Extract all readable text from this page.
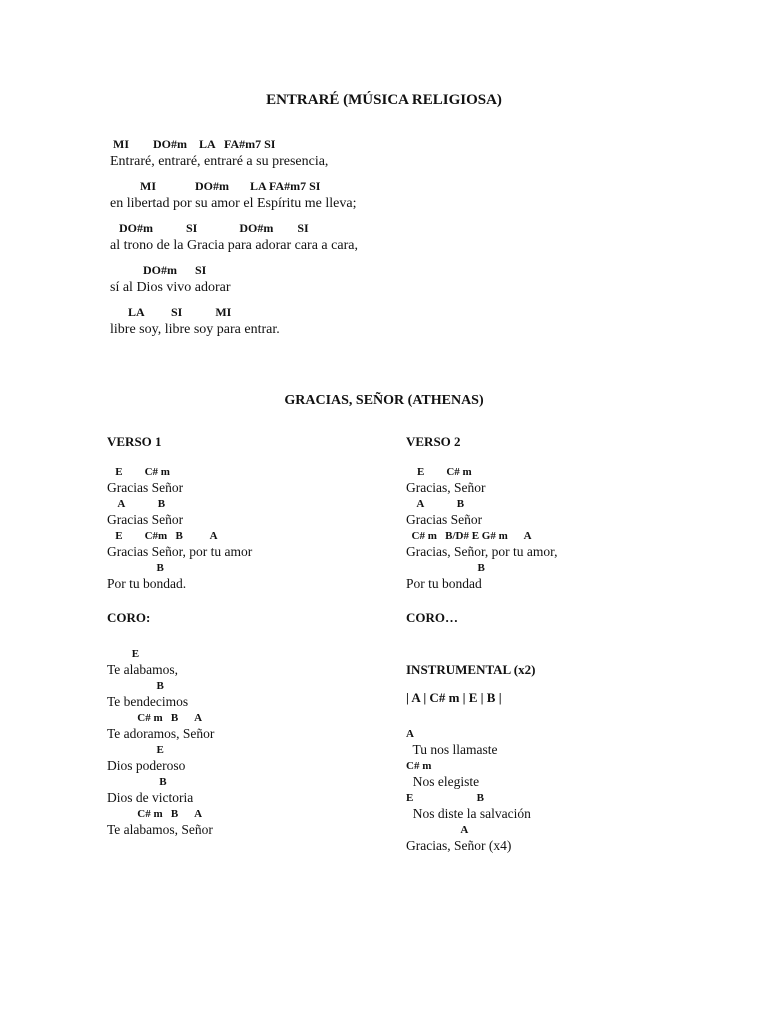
ENTRARÉ (MÚSICA RELIGIOSA)
MI        DO#m    LA   FA#m7 SI
Entraré, entraré, entraré a su presencia,
MI             DO#m       LA FA#m7 SI
en libertad por su amor el Espíritu me lleva;
DO#m           SI              DO#m        SI
al trono de la Gracia para adorar cara a cara,
DO#m      SI
sí al Dios vivo adorar
LA         SI           MI
libre soy, libre soy para entrar.
GRACIAS, SEÑOR (ATHENAS)
VERSO 1
E        C# m
Gracias Señor
A            B
Gracias Señor
E        C#m   B          A
Gracias Señor, por tu amor
B
Por tu bondad.
CORO:
E
Te alabamos,
B
Te bendecimos
C# m   B      A
Te adoramos, Señor
E
Dios poderoso
B
Dios de victoria
C# m   B      A
Te alabamos, Señor
VERSO 2
E        C# m
Gracias, Señor
A            B
Gracias Señor
C# m   B/D# E G# m      A
Gracias, Señor, por tu amor,
B
Por tu bondad
CORO…
INSTRUMENTAL (x2)
| A | C# m | E | B |
A
Tu nos llamaste
C# m
Nos elegiste
E                       B
Nos diste la salvación
A
Gracias, Señor (x4)
